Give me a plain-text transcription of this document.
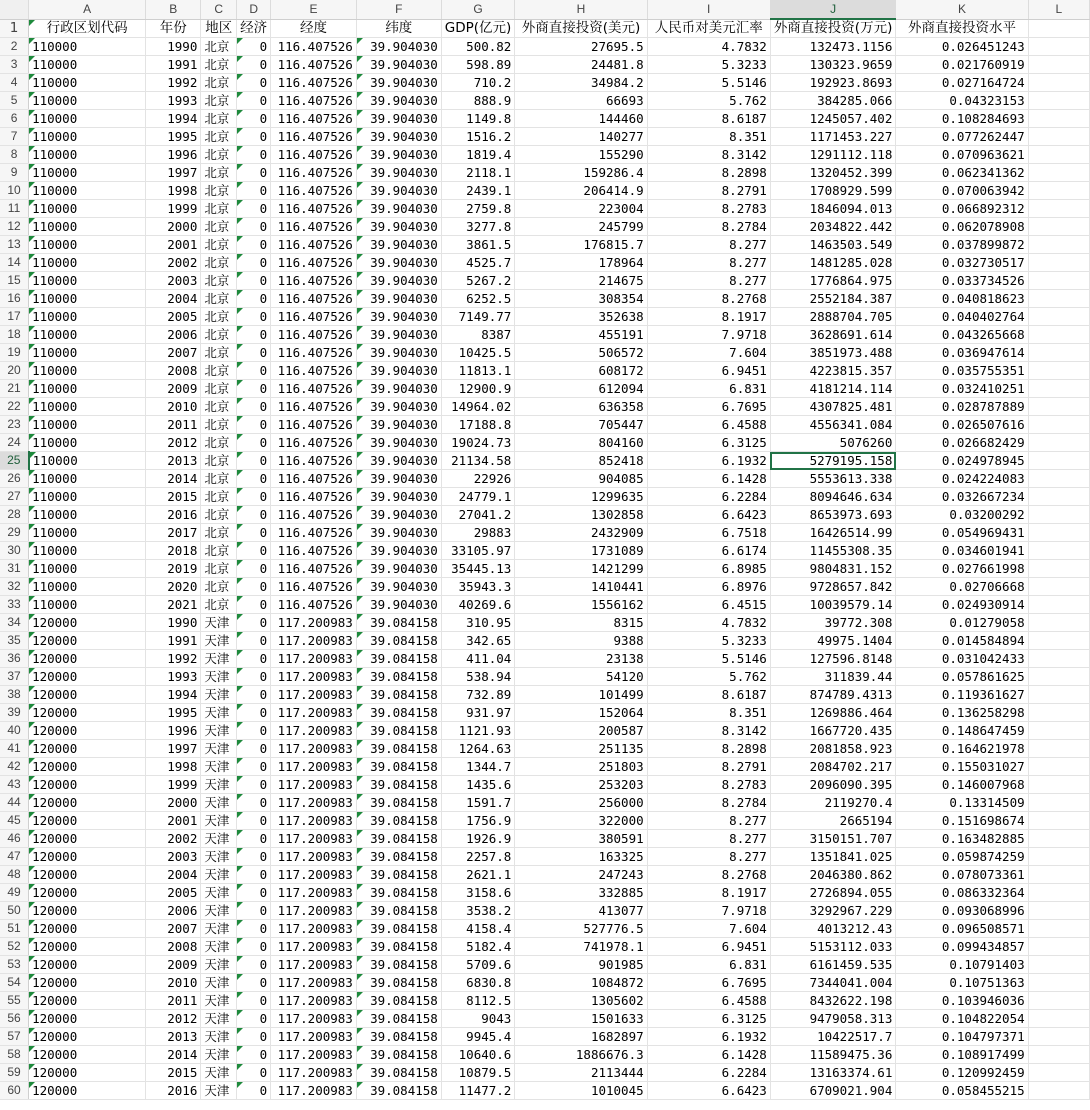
	A	B	C	D	E	F	G	H	I	J	K	L
1	行政区划代码	年份	地区	经济	经度	纬度	GDP(亿元)	外商直接投资(美元)	人民币对美元汇率	外商直接投资(万元)	外商直接投资水平	
2	110000	1990	北京	0	116.407526	39.904030	500.82	27695.5	4.7832	132473.1156	0.026451243	
3	110000	1991	北京	0	116.407526	39.904030	598.89	24481.8	5.3233	130323.9659	0.021760919	
4	110000	1992	北京	0	116.407526	39.904030	710.2	34984.2	5.5146	192923.8693	0.027164724	
5	110000	1993	北京	0	116.407526	39.904030	888.9	66693	5.762	384285.066	0.04323153	
6	110000	1994	北京	0	116.407526	39.904030	1149.8	144460	8.6187	1245057.402	0.108284693	
7	110000	1995	北京	0	116.407526	39.904030	1516.2	140277	8.351	1171453.227	0.077262447	
8	110000	1996	北京	0	116.407526	39.904030	1819.4	155290	8.3142	1291112.118	0.070963621	
9	110000	1997	北京	0	116.407526	39.904030	2118.1	159286.4	8.2898	1320452.399	0.062341362	
10	110000	1998	北京	0	116.407526	39.904030	2439.1	206414.9	8.2791	1708929.599	0.070063942	
11	110000	1999	北京	0	116.407526	39.904030	2759.8	223004	8.2783	1846094.013	0.066892312	
12	110000	2000	北京	0	116.407526	39.904030	3277.8	245799	8.2784	2034822.442	0.062078908	
13	110000	2001	北京	0	116.407526	39.904030	3861.5	176815.7	8.277	1463503.549	0.037899872	
14	110000	2002	北京	0	116.407526	39.904030	4525.7	178964	8.277	1481285.028	0.032730517	
15	110000	2003	北京	0	116.407526	39.904030	5267.2	214675	8.277	1776864.975	0.033734526	
16	110000	2004	北京	0	116.407526	39.904030	6252.5	308354	8.2768	2552184.387	0.040818623	
17	110000	2005	北京	0	116.407526	39.904030	7149.77	352638	8.1917	2888704.705	0.040402764	
18	110000	2006	北京	0	116.407526	39.904030	8387	455191	7.9718	3628691.614	0.043265668	
19	110000	2007	北京	0	116.407526	39.904030	10425.5	506572	7.604	3851973.488	0.036947614	
20	110000	2008	北京	0	116.407526	39.904030	11813.1	608172	6.9451	4223815.357	0.035755351	
21	110000	2009	北京	0	116.407526	39.904030	12900.9	612094	6.831	4181214.114	0.032410251	
22	110000	2010	北京	0	116.407526	39.904030	14964.02	636358	6.7695	4307825.481	0.028787889	
23	110000	2011	北京	0	116.407526	39.904030	17188.8	705447	6.4588	4556341.084	0.026507616	
24	110000	2012	北京	0	116.407526	39.904030	19024.73	804160	6.3125	5076260	0.026682429	
25	110000	2013	北京	0	116.407526	39.904030	21134.58	852418	6.1932	5279195.158	0.024978945	
26	110000	2014	北京	0	116.407526	39.904030	22926	904085	6.1428	5553613.338	0.024224083	
27	110000	2015	北京	0	116.407526	39.904030	24779.1	1299635	6.2284	8094646.634	0.032667234	
28	110000	2016	北京	0	116.407526	39.904030	27041.2	1302858	6.6423	8653973.693	0.03200292	
29	110000	2017	北京	0	116.407526	39.904030	29883	2432909	6.7518	16426514.99	0.054969431	
30	110000	2018	北京	0	116.407526	39.904030	33105.97	1731089	6.6174	11455308.35	0.034601941	
31	110000	2019	北京	0	116.407526	39.904030	35445.13	1421299	6.8985	9804831.152	0.027661998	
32	110000	2020	北京	0	116.407526	39.904030	35943.3	1410441	6.8976	9728657.842	0.02706668	
33	110000	2021	北京	0	116.407526	39.904030	40269.6	1556162	6.4515	10039579.14	0.024930914	
34	120000	1990	天津	0	117.200983	39.084158	310.95	8315	4.7832	39772.308	0.01279058	
35	120000	1991	天津	0	117.200983	39.084158	342.65	9388	5.3233	49975.1404	0.014584894	
36	120000	1992	天津	0	117.200983	39.084158	411.04	23138	5.5146	127596.8148	0.031042433	
37	120000	1993	天津	0	117.200983	39.084158	538.94	54120	5.762	311839.44	0.057861625	
38	120000	1994	天津	0	117.200983	39.084158	732.89	101499	8.6187	874789.4313	0.119361627	
39	120000	1995	天津	0	117.200983	39.084158	931.97	152064	8.351	1269886.464	0.136258298	
40	120000	1996	天津	0	117.200983	39.084158	1121.93	200587	8.3142	1667720.435	0.148647459	
41	120000	1997	天津	0	117.200983	39.084158	1264.63	251135	8.2898	2081858.923	0.164621978	
42	120000	1998	天津	0	117.200983	39.084158	1344.7	251803	8.2791	2084702.217	0.155031027	
43	120000	1999	天津	0	117.200983	39.084158	1435.6	253203	8.2783	2096090.395	0.146007968	
44	120000	2000	天津	0	117.200983	39.084158	1591.7	256000	8.2784	2119270.4	0.13314509	
45	120000	2001	天津	0	117.200983	39.084158	1756.9	322000	8.277	2665194	0.151698674	
46	120000	2002	天津	0	117.200983	39.084158	1926.9	380591	8.277	3150151.707	0.163482885	
47	120000	2003	天津	0	117.200983	39.084158	2257.8	163325	8.277	1351841.025	0.059874259	
48	120000	2004	天津	0	117.200983	39.084158	2621.1	247243	8.2768	2046380.862	0.078073361	
49	120000	2005	天津	0	117.200983	39.084158	3158.6	332885	8.1917	2726894.055	0.086332364	
50	120000	2006	天津	0	117.200983	39.084158	3538.2	413077	7.9718	3292967.229	0.093068996	
51	120000	2007	天津	0	117.200983	39.084158	4158.4	527776.5	7.604	4013212.43	0.096508571	
52	120000	2008	天津	0	117.200983	39.084158	5182.4	741978.1	6.9451	5153112.033	0.099434857	
53	120000	2009	天津	0	117.200983	39.084158	5709.6	901985	6.831	6161459.535	0.10791403	
54	120000	2010	天津	0	117.200983	39.084158	6830.8	1084872	6.7695	7344041.004	0.10751363	
55	120000	2011	天津	0	117.200983	39.084158	8112.5	1305602	6.4588	8432622.198	0.103946036	
56	120000	2012	天津	0	117.200983	39.084158	9043	1501633	6.3125	9479058.313	0.104822054	
57	120000	2013	天津	0	117.200983	39.084158	9945.4	1682897	6.1932	10422517.7	0.104797371	
58	120000	2014	天津	0	117.200983	39.084158	10640.6	1886676.3	6.1428	11589475.36	0.108917499	
59	120000	2015	天津	0	117.200983	39.084158	10879.5	2113444	6.2284	13163374.61	0.120992459	
60	120000	2016	天津	0	117.200983	39.084158	11477.2	1010045	6.6423	6709021.904	0.058455215	
